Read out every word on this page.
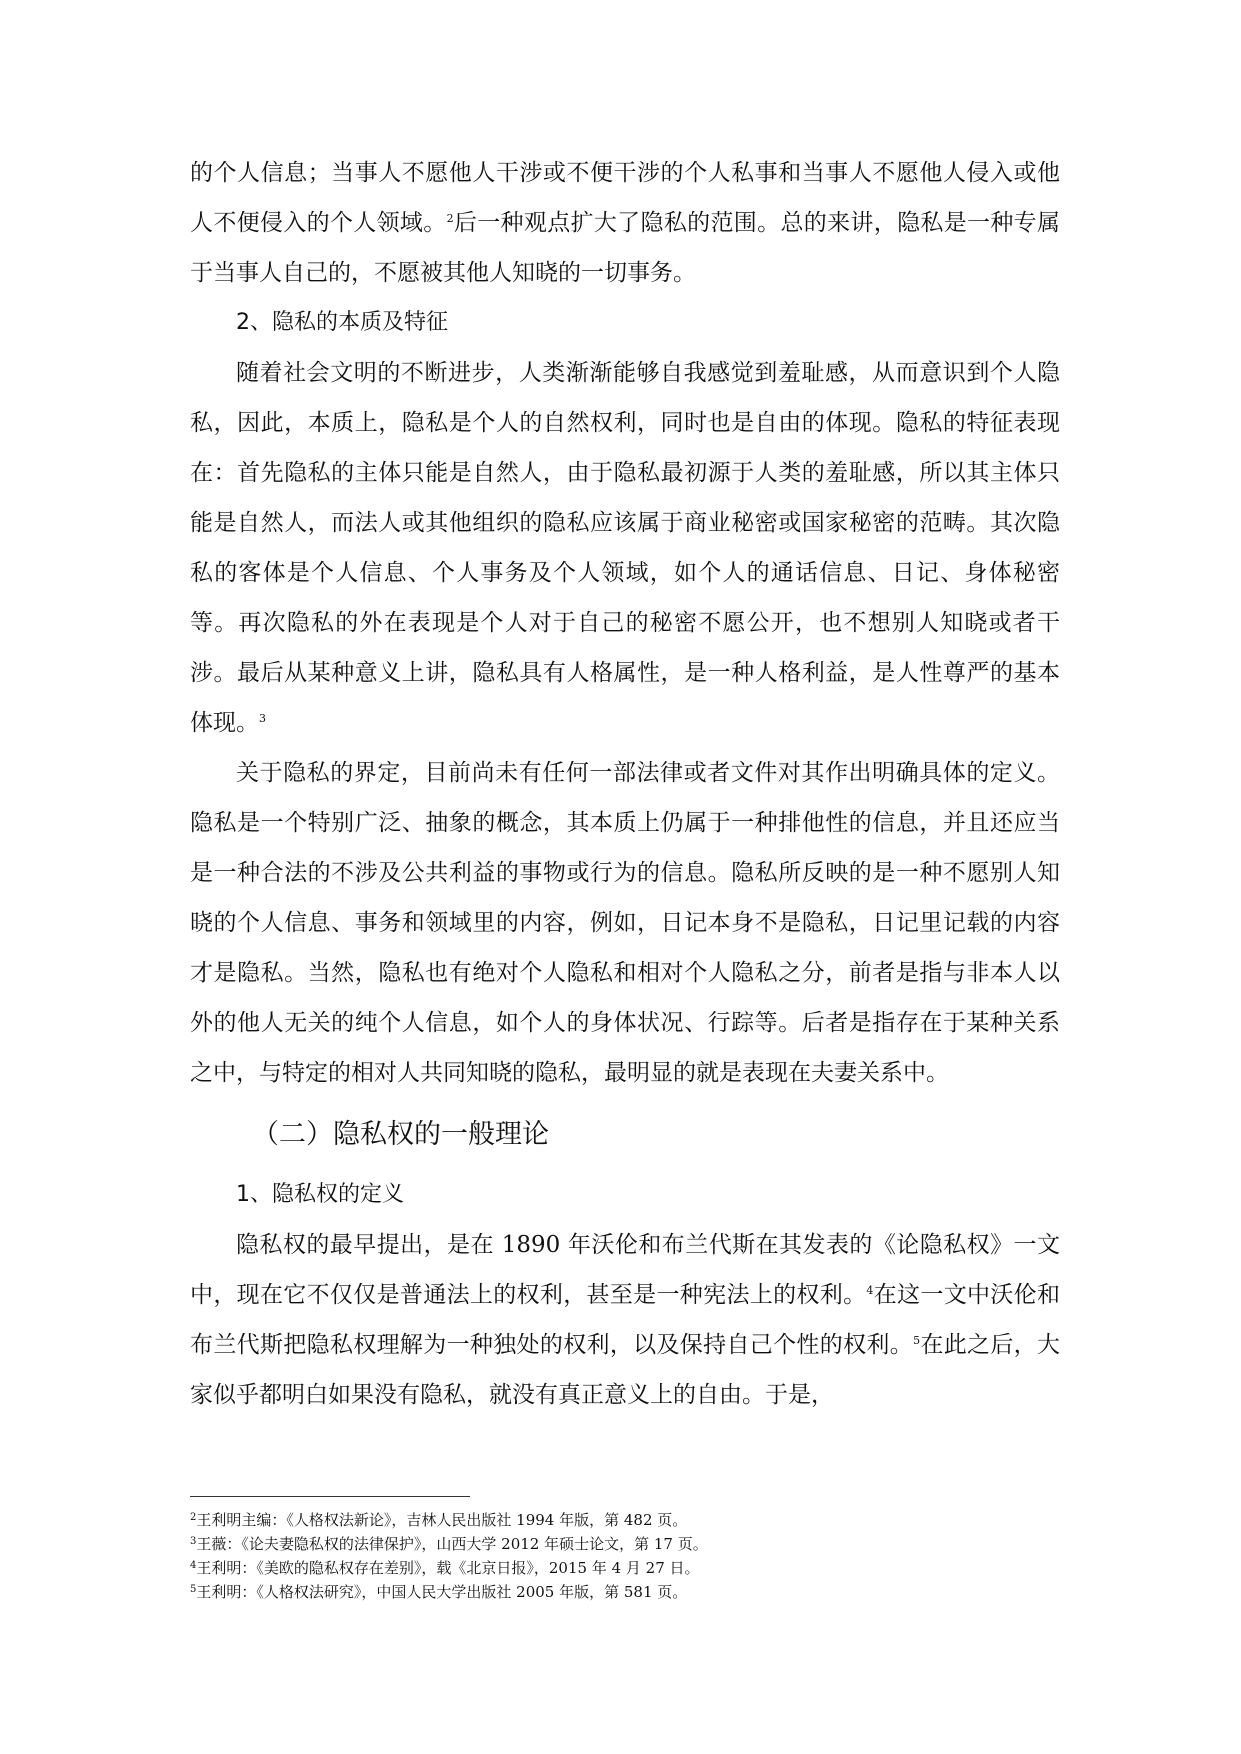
的个人信息；当事人不愿他人干涉或不便干涉的个人私事和当事人不愿他人侵入或他人不便侵入的个人领域。$^2$后一种观点扩大了隐私的范围。总的来讲，隐私是一种专属于当事人自己的，不愿被其他人知晓的一切事务。

2、隐私的本质及特征

随着社会文明的不断进步，人类渐渐能够自我感觉到羞耻感，从而意识到个人隐私，因此，本质上，隐私是个人的自然权利，同时也是自由的体现。隐私的特征表现在：首先隐私的主体只能是自然人，由于隐私最初源于人类的羞耻感，所以其主体只能是自然人，而法人或其他组织的隐私应该属于商业秘密或国家秘密的范畴。其次隐私的客体是个人信息、个人事务及个人领域，如个人的通话信息、日记、身体秘密等。再次隐私的外在表现是个人对于自己的秘密不愿公开，也不想别人知晓或者干涉。最后从某种意义上讲，隐私具有人格属性，是一种人格利益，是人性尊严的基本体现。$^3$

关于隐私的界定，目前尚未有任何一部法律或者文件对其作出明确具体的定义。隐私是一个特别广泛、抽象的概念，其本质上仍属于一种排他性的信息，并且还应当是一种合法的不涉及公共利益的事物或行为的信息。隐私所反映的是一种不愿别人知晓的个人信息、事务和领域里的内容，例如，日记本身不是隐私，日记里记载的内容才是隐私。当然，隐私也有绝对个人隐私和相对个人隐私之分，前者是指与非本人以外的他人无关的纯个人信息，如个人的身体状况、行踪等。后者是指存在于某种关系之中，与特定的相对人共同知晓的隐私，最明显的就是表现在夫妻关系中。

（二）隐私权的一般理论

1、隐私权的定义

隐私权的最早提出，是在 1890 年沃伦和布兰代斯在其发表的《论隐私权》一文中，现在它不仅仅是普通法上的权利，甚至是一种宪法上的权利。$^4$在这一文中沃伦和布兰代斯把隐私权理解为一种独处的权利，以及保持自己个性的权利。$^5$在此之后，大家似乎都明白如果没有隐私，就没有真正意义上的自由。于是，

$^2$王利明主编：《人格权法新论》，吉林人民出版社 1994 年版，第 482 页。

$^3$王薇：《论夫妻隐私权的法律保护》，山西大学 2012 年硕士论文，第 17 页。

$^4$王利明：《美欧的隐私权存在差别》，载《北京日报》，2015 年 4 月 27 日。

$^5$王利明：《人格权法研究》，中国人民大学出版社 2005 年版，第 581 页。
